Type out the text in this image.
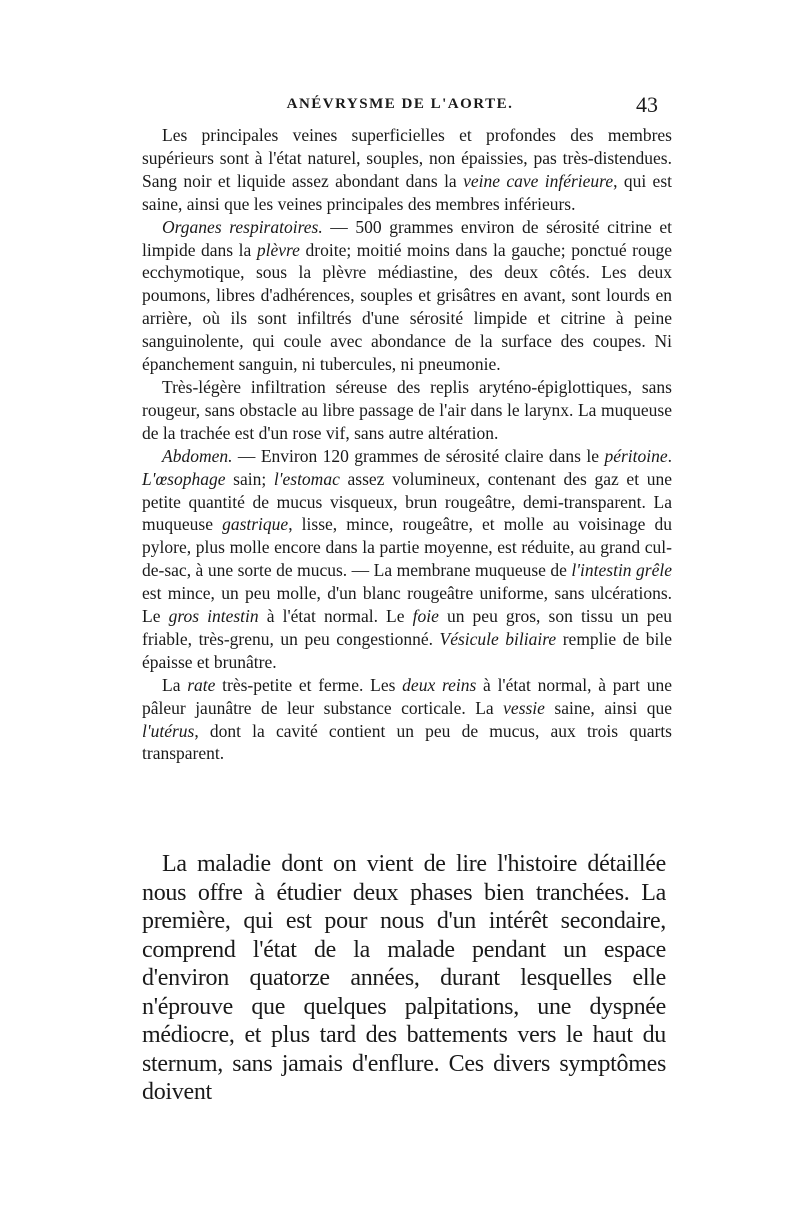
ANÉVRYSME DE L'AORTE.	43

Les principales veines superficielles et profondes des membres supérieurs sont à l'état naturel, souples, non épaissies, pas très-distendues. Sang noir et liquide assez abondant dans la veine cave inférieure, qui est saine, ainsi que les veines principales des membres inférieurs.

Organes respiratoires. — 500 grammes environ de sérosité citrine et limpide dans la plèvre droite; moitié moins dans la gauche; ponctué rouge ecchymotique, sous la plèvre médiastine, des deux côtés. Les deux poumons, libres d'adhérences, souples et grisâtres en avant, sont lourds en arrière, où ils sont infiltrés d'une sérosité limpide et citrine à peine sanguinolente, qui coule avec abondance de la surface des coupes. Ni épanchement sanguin, ni tubercules, ni pneumonie.

Très-légère infiltration séreuse des replis aryténo-épiglottiques, sans rougeur, sans obstacle au libre passage de l'air dans le larynx. La muqueuse de la trachée est d'un rose vif, sans autre altération.

Abdomen. — Environ 120 grammes de sérosité claire dans le péritoine. L'œsophage sain; l'estomac assez volumineux, contenant des gaz et une petite quantité de mucus visqueux, brun rougeâtre, demi-transparent. La muqueuse gastrique, lisse, mince, rougeâtre, et molle au voisinage du pylore, plus molle encore dans la partie moyenne, est réduite, au grand cul-de-sac, à une sorte de mucus. — La membrane muqueuse de l'intestin grêle est mince, un peu molle, d'un blanc rougeâtre uniforme, sans ulcérations. Le gros intestin à l'état normal. Le foie un peu gros, son tissu un peu friable, très-grenu, un peu congestionné. Vésicule biliaire remplie de bile épaisse et brunâtre.

La rate très-petite et ferme. Les deux reins à l'état normal, à part une pâleur jaunâtre de leur substance corticale. La vessie saine, ainsi que l'utérus, dont la cavité contient un peu de mucus, aux trois quarts transparent.

La maladie dont on vient de lire l'histoire détaillée nous offre à étudier deux phases bien tranchées. La première, qui est pour nous d'un intérêt secondaire, comprend l'état de la malade pendant un espace d'environ quatorze années, durant lesquelles elle n'éprouve que quelques palpitations, une dyspnée médiocre, et plus tard des battements vers le haut du sternum, sans jamais d'enflure. Ces divers symptômes doivent
